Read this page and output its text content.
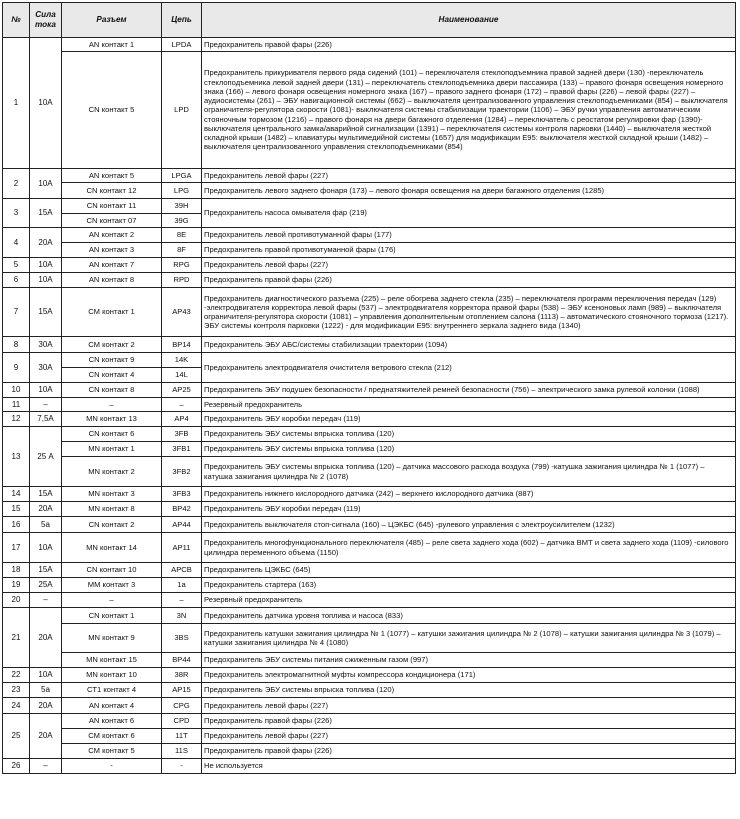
№	Сила тока	Разъем	Цепь	Наименование
1	10А	AN контакт 1	LPDA	Предохранитель правой фары (226)
		CN контакт 5	LPD	Предохранитель прикуривателя первого ряда сидений (101) – переключателя стеклоподъемника правой задней двери (130) -переключатель стеклоподъемника левой задней двери (131) – переключатель стеклоподъемника двери пассажира (133) – правого фонаря освещения номерного знака (166) – левого фонаря освещения номерного знака (167) – правого заднего фонаря (172) – правой фары (226) – левой фары (227) – аудиосистемы (261) – ЭБУ навигационной системы (662) – выключателя централизованного управления стеклоподъемниками (854) – выключателя ограничителя-регулятора скорости (1081)- выключателя системы стабилизации траектории (1106) – ЭБУ ручки управления автоматическим стояночным тормозом (1216) – правого фонаря на двери багажного отделения (1284) – переключатель с реостатом регулировки фар (1390)- выключателя центрального замка/аварийной сигнализации (1391) – переключателя системы контроля парковки (1440) – выключателя жесткой складной крыши (1482) – клавиатуры мультимедийной системы (1657) для модификации E95: выключателя жесткой складной крыши (1482) – выключателя централизованного управления стеклоподъемниками (854)
2	10А	AN контакт 5	LPGA	Предохранитель левой фары (227)
		CN контакт 12	LPG	Предохранитель левого заднего фонаря (173) – левого фонаря освещения на двери багажного отделения (1285)
3	15А	CN контакт 11	39H	Предохранитель насоса омывателя фар (219)
		CN контакт 07	39G	
4	20А	AN контакт 2	8E	Предохранитель левой противотуманной фары (177)
		AN контакт 3	8F	Предохранитель правой противотуманной фары (176)
5	10А	AN контакт 7	RPG	Предохранитель левой фары (227)
6	10А	AN контакт 8	RPD	Предохранитель правой фары (226)
7	15А	CM контакт 1	AP43	Предохранитель диагностического разъема (225) – реле обогрева заднего стекла (235) – переключателя программ переключения передач (129) -электродвигателя корректора левой фары (537) – электродвигателя корректора правой фары (538) – ЭБУ ксеноновых ламп (989) – выключателя ограничителя-регулятора скорости (1081) – управления дополнительным отоплением салона (1113) – автоматического стояночного тормоза (1217). ЭБУ системы контроля парковки (1222) - для модификации E95: внутреннего зеркала заднего вида (1340)
8	30А	CM контакт 2	BP14	Предохранитель ЭБУ АБС/системы стабилизации траектории (1094)
9	30А	CN контакт 9	14K	Предохранитель электродвигателя очистителя ветрового стекла (212)
		CN контакт 4	14L	
10	10А	CN контакт 8	AP25	Предохранитель ЭБУ подушек безопасности / преднатяжителей ремней безопасности (756) – электрического замка рулевой колонки (1088)
11	–	–	–	Резервный предохранитель
12	7,5А	MN контакт 13	AP4	Предохранитель ЭБУ коробки передач (119)
13	25 А	CN контакт 6	3FB	Предохранитель ЭБУ системы впрыска топлива (120)
		MN контакт 1	3FB1	Предохранитель ЭБУ системы впрыска топлива (120)
		MN контакт 2	3FB2	Предохранитель ЭБУ системы впрыска топлива (120) – датчика массового расхода воздуха (799) -катушка зажигания цилиндра № 1 (1077) – катушка зажигания цилиндра № 2 (1078)
14	15А	MN контакт 3	3FB3	Предохранитель нижнего кислородного датчика (242) – верхнего кислородного датчика (887)
15	20А	MN контакт 8	BP42	Предохранитель ЭБУ коробки передач (119)
16	5а	CN контакт 2	AP44	Предохранитель выключателя стоп-сигнала (160) – ЦЭКБС (645) -рулевого управления с электроусилителем (1232)
17	10А	MN контакт 14	AP11	Предохранитель многофункционального переключателя (485) – реле света заднего хода (602) – датчика ВМТ и света заднего хода (1109) -силового цилиндра переменного объема (1150)
18	15А	CN контакт 10	APCB	Предохранитель ЦЭКБС (645)
19	25А	MM контакт 3	1a	Предохранитель стартера (163)
20	–	–	–	Резервный предохранитель
21	20А	CN контакт 1	3N	Предохранитель датчика уровня топлива и насоса (833)
		MN контакт 9	3BS	Предохранитель катушки зажигания цилиндра № 1 (1077) – катушки зажигания цилиндра № 2 (1078) – катушки зажигания цилиндра № 3 (1079) – катушки зажигания цилиндра № 4 (1080)
		MN контакт 15	BP44	Предохранитель ЭБУ системы питания сжиженным газом (997)
22	10А	MN контакт 10	38R	Предохранитель электромагнитной муфты компрессора кондиционера (171)
23	5а	CT1 контакт 4	AP15	Предохранитель ЭБУ системы впрыска топлива (120)
24	20А	AN контакт 4	CPG	Предохранитель левой фары (227)
25	20А	AN контакт 6	CPD	Предохранитель правой фары (226)
		CM контакт 6	11T	Предохранитель левой фары (227)
		CM контакт 5	11S	Предохранитель правой фары (226)
26	–	-	-	Не используется
